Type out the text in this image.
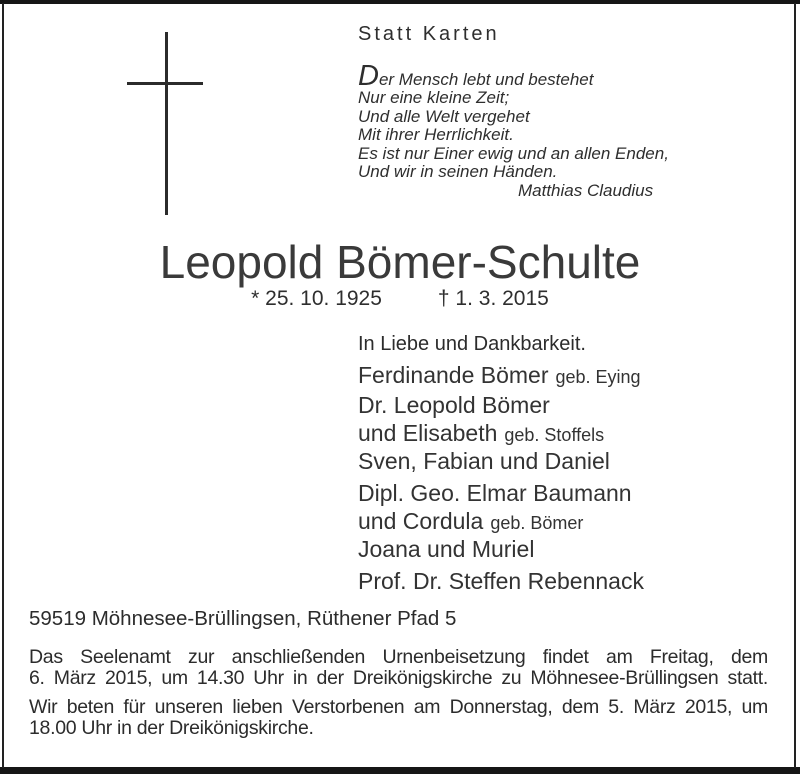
Statt Karten
Der Mensch lebt und bestehet
Nur eine kleine Zeit;
Und alle Welt vergehet
Mit ihrer Herrlichkeit.
Es ist nur Einer ewig und an allen Enden,
Und wir in seinen Händen.
Matthias Claudius
Leopold Bömer-Schulte
* 25. 10. 1925	† 1. 3. 2015
In Liebe und Dankbarkeit.
Ferdinande Bömer geb. Eying
Dr. Leopold Bömer
und Elisabeth geb. Stoffels
Sven, Fabian und Daniel
Dipl. Geo. Elmar Baumann
und Cordula geb. Bömer
Joana und Muriel
Prof. Dr. Steffen Rebennack
59519 Möhnesee-Brüllingsen, Rüthener Pfad 5
Das Seelenamt zur anschließenden Urnenbeisetzung findet am Freitag, dem
6. März 2015, um 14.30 Uhr in der Dreikönigskirche zu Möhnesee-Brüllingsen statt.
Wir beten für unseren lieben Verstorbenen am Donnerstag, dem 5. März 2015, um
18.00 Uhr in der Dreikönigskirche.
